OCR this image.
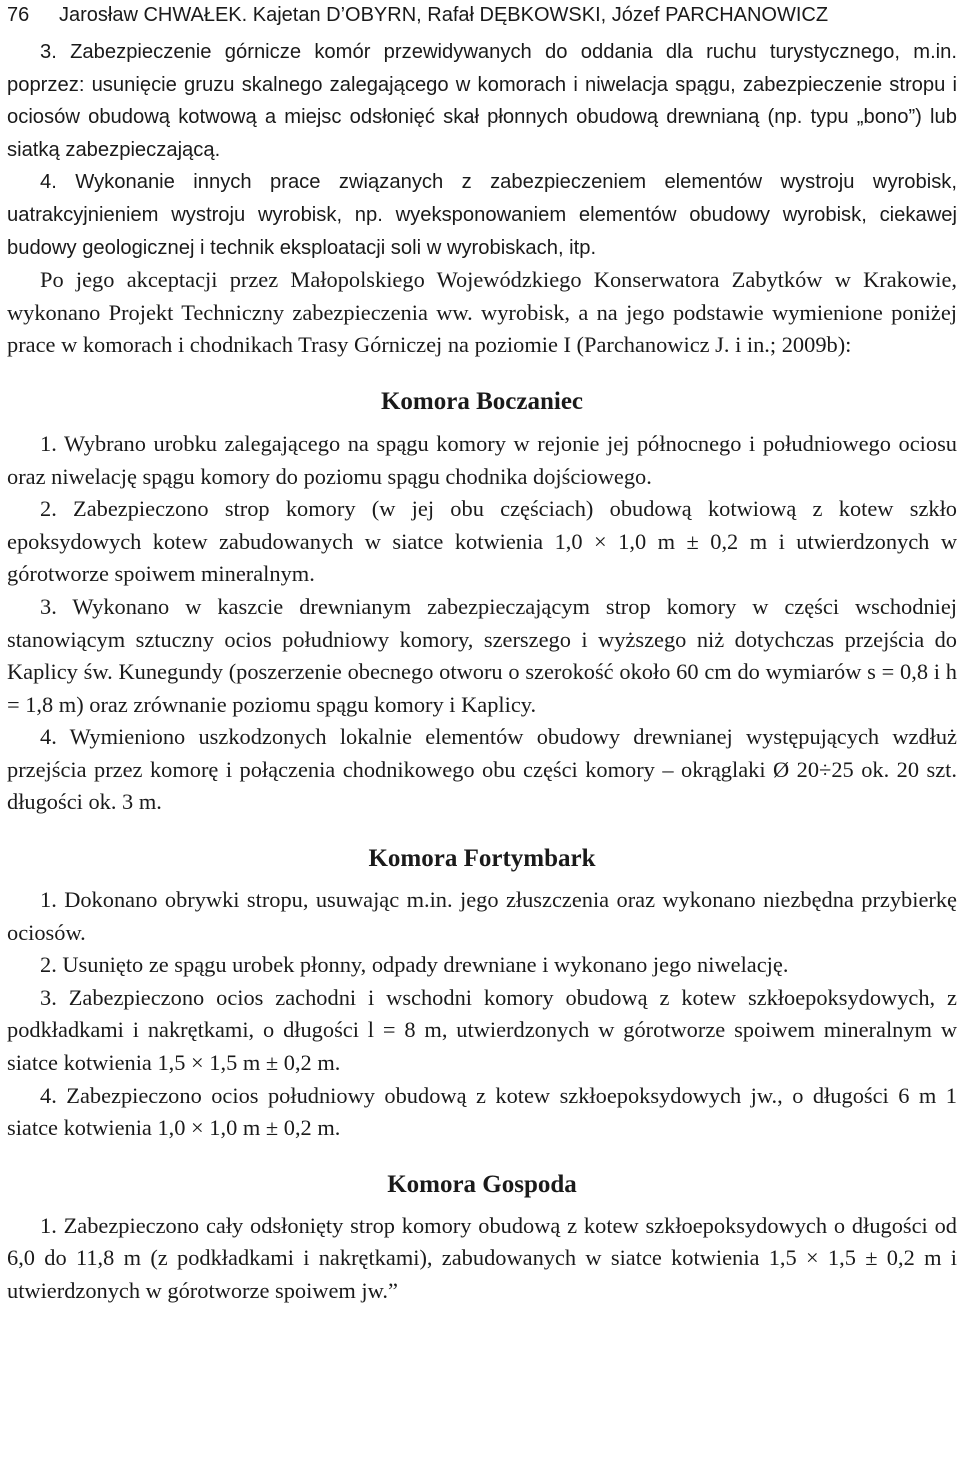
76 Jarosław CHWAŁEK. Kajetan D’OBYRN, Rafał DĘBKOWSKI, Józef PARCHANOWICZ

3. Zabezpieczenie górnicze komór przewidywanych do oddania dla ruchu turystycznego, m.in. poprzez: usunięcie gruzu skalnego zalegającego w komorach i niwelacja spągu, zabezpieczenie stropu i ociosów obudową kotwową a miejsc odsłonięć skał płonnych obudową drewnianą (np. typu „bono”) lub siatką zabezpieczającą.

4. Wykonanie innych prace związanych z zabezpieczeniem elementów wystroju wyrobisk, uatrakcyjnieniem wystroju wyrobisk, np. wyeksponowaniem elementów obudowy wyrobisk, ciekawej budowy geologicznej i technik eksploatacji soli w wyrobiskach, itp.

Po jego akceptacji przez Małopolskiego Wojewódzkiego Konserwatora Zabytków w Krakowie, wykonano Projekt Techniczny zabezpieczenia ww. wyrobisk, a na jego podstawie wymienione poniżej prace w komorach i chodnikach Trasy Górniczej na poziomie I (Parchanowicz J. i in.; 2009b):

Komora Boczaniec

1. Wybrano urobku zalegającego na spągu komory w rejonie jej północnego i południowego ociosu oraz niwelację spągu komory do poziomu spągu chodnika dojściowego.

2. Zabezpieczono strop komory (w jej obu częściach) obudową kotwiową z kotew szkło epoksydowych kotew zabudowanych w siatce kotwienia 1,0 × 1,0 m ± 0,2 m i utwierdzonych w górotworze spoiwem mineralnym.

3. Wykonano w kaszcie drewnianym zabezpieczającym strop komory w części wschodniej stanowiącym sztuczny ocios południowy komory, szerszego i wyższego niż dotychczas przejścia do Kaplicy św. Kunegundy (poszerzenie obecnego otworu o szerokość około 60 cm do wymiarów s = 0,8 i h = 1,8 m) oraz zrównanie poziomu spągu komory i Kaplicy.

4. Wymieniono uszkodzonych lokalnie elementów obudowy drewnianej występujących wzdłuż przejścia przez komorę i połączenia chodnikowego obu części komory – okrąglaki Ø 20÷25 ok. 20 szt. długości ok. 3 m.

Komora Fortymbark

1. Dokonano obrywki stropu, usuwając m.in. jego złuszczenia oraz wykonano niezbędna przybierkę ociosów.

2. Usunięto ze spągu urobek płonny, odpady drewniane i wykonano jego niwelację.

3. Zabezpieczono ocios zachodni i wschodni komory obudową z kotew szkłoepoksydowych, z podkładkami i nakrętkami, o długości l = 8 m, utwierdzonych w górotworze spoiwem mineralnym w siatce kotwienia 1,5 × 1,5 m ± 0,2 m.

4. Zabezpieczono ocios południowy obudową z kotew szkłoepoksydowych jw., o długości 6 m 1 siatce kotwienia 1,0 × 1,0 m ± 0,2 m.

Komora Gospoda

1. Zabezpieczono cały odsłonięty strop komory obudową z kotew szkłoepoksydowych o długości od 6,0 do 11,8 m (z podkładkami i nakrętkami), zabudowanych w siatce kotwienia 1,5 × 1,5 ± 0,2 m i utwierdzonych w górotworze spoiwem jw.”
